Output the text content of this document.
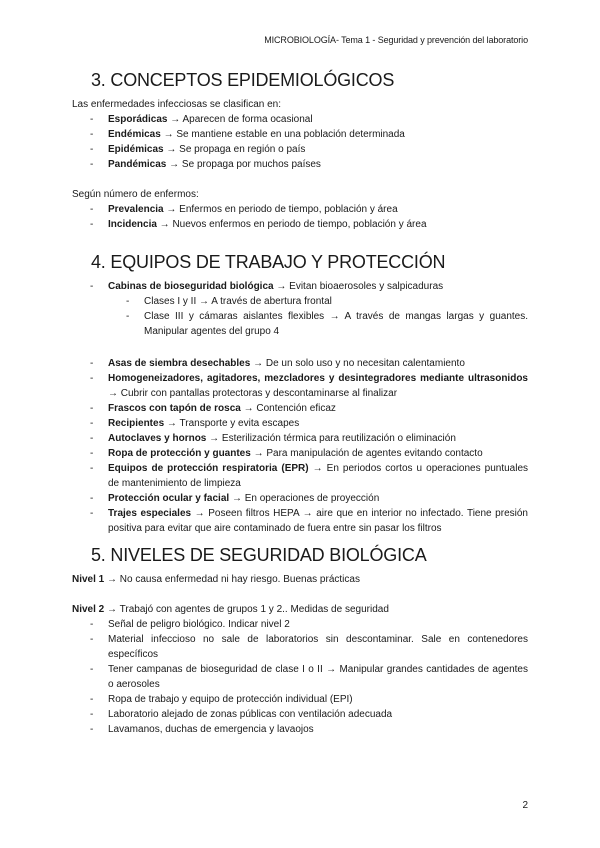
MICROBIOLOGÍA- Tema 1 - Seguridad y prevención del laboratorio
3. CONCEPTOS EPIDEMIOLÓGICOS

Las enfermedades infecciosas se clasifican en:

- Esporádicas → Aparecen de forma ocasional
- Endémicas → Se mantiene estable en una población determinada
- Epidémicas → Se propaga en región o país
- Pandémicas → Se propaga por muchos países

Según número de enfermos:

- Prevalencia → Enfermos en periodo de tiempo, población y área
- Incidencia → Nuevos enfermos en periodo de tiempo, población y área
4. EQUIPOS DE TRABAJO Y PROTECCIÓN
- Cabinas de bioseguridad biológica → Evitan bioaerosoles y salpicaduras
- Clases I y II → A través de abertura frontal
- Clase III y cámaras aislantes flexibles → A través de mangas largas y guantes. Manipular agentes del grupo 4
- Asas de siembra desechables → De un solo uso y no necesitan calentamiento
- Homogeneizadores, agitadores, mezcladores y desintegradores mediante ultrasonidos → Cubrir con pantallas protectoras y descontaminarse al finalizar
- Frascos con tapón de rosca → Contención eficaz
- Recipientes → Transporte y evita escapes
- Autoclaves y hornos → Esterilización térmica para reutilización o eliminación
- Ropa de protección y guantes → Para manipulación de agentes evitando contacto
- Equipos de protección respiratoria (EPR) → En periodos cortos u operaciones puntuales de mantenimiento de limpieza
- Protección ocular y facial → En operaciones de proyección
- Trajes especiales → Poseen filtros HEPA → aire que en interior no infectado. Tiene presión positiva para evitar que aire contaminado de fuera entre sin pasar los filtros
5. NIVELES DE SEGURIDAD BIOLÓGICA

Nivel 1 → No causa enfermedad ni hay riesgo. Buenas prácticas

Nivel 2 → Trabajó con agentes de grupos 1 y 2.. Medidas de seguridad

- Señal de peligro biológico. Indicar nivel 2
- Material infeccioso no sale de laboratorios sin descontaminar. Sale en contenedores específicos
- Tener campanas de bioseguridad de clase I o II → Manipular grandes cantidades de agentes o aerosoles
- Ropa de trabajo y equipo de protección individual (EPI)
- Laboratorio alejado de zonas públicas con ventilación adecuada
- Lavamanos, duchas de emergencia y lavaojos
2
